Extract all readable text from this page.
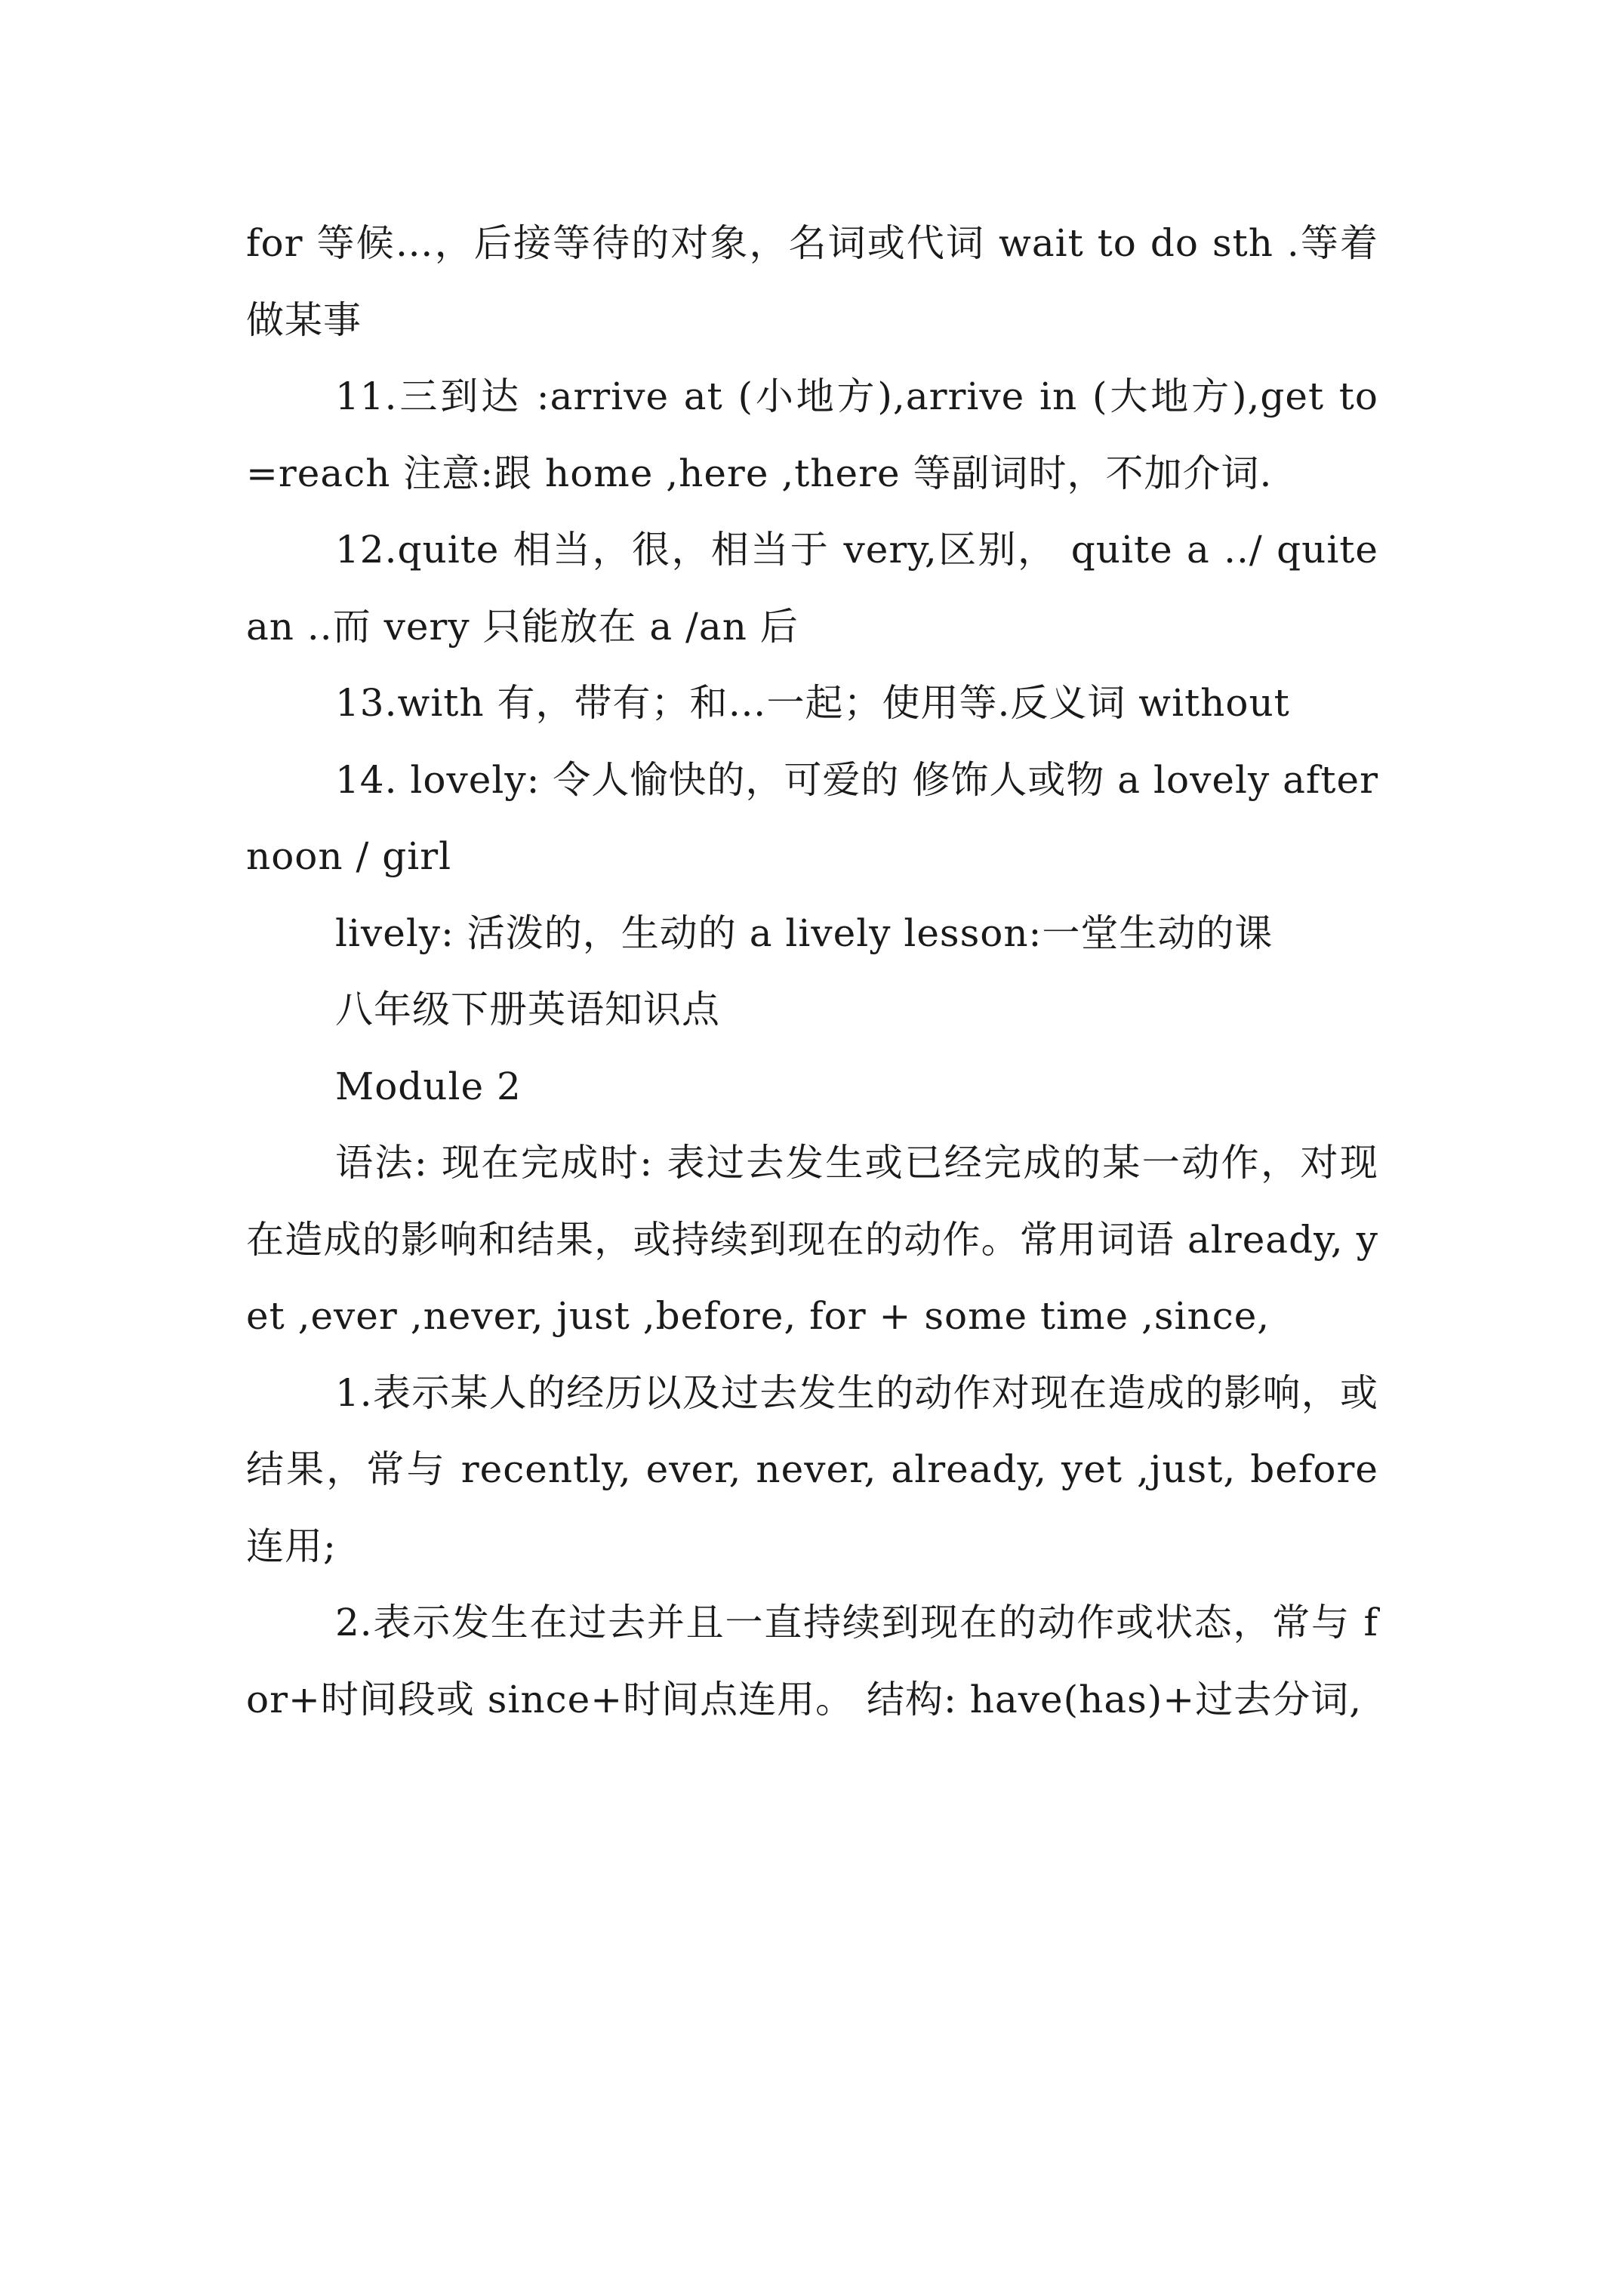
for 等候…，后接等待的对象，名词或代词 wait to do sth .等着做某事

11.三到达 :arrive at (小地方),arrive in (大地方),get to =reach 注意:跟 home ,here ,there 等副词时，不加介词.

12.quite 相当，很，相当于 very,区别， quite a ../ quite an ..而 very 只能放在 a /an 后

13.with 有，带有；和…一起；使用等.反义词 without

14. lovely: 令人愉快的，可爱的 修饰人或物 a lovely afternoon / girl

lively: 活泼的，生动的 a lively lesson:一堂生动的课

八年级下册英语知识点

Module 2

语法: 现在完成时: 表过去发生或已经完成的某一动作，对现在造成的影响和结果，或持续到现在的动作。常用词语 already, yet ,ever ,never, just ,before, for + some time ,since,

1.表示某人的经历以及过去发生的动作对现在造成的影响，或结果，常与 recently, ever, never, already, yet ,just, before 连用;

2.表示发生在过去并且一直持续到现在的动作或状态，常与 for+时间段或 since+时间点连用。 结构: have(has)+过去分词,
